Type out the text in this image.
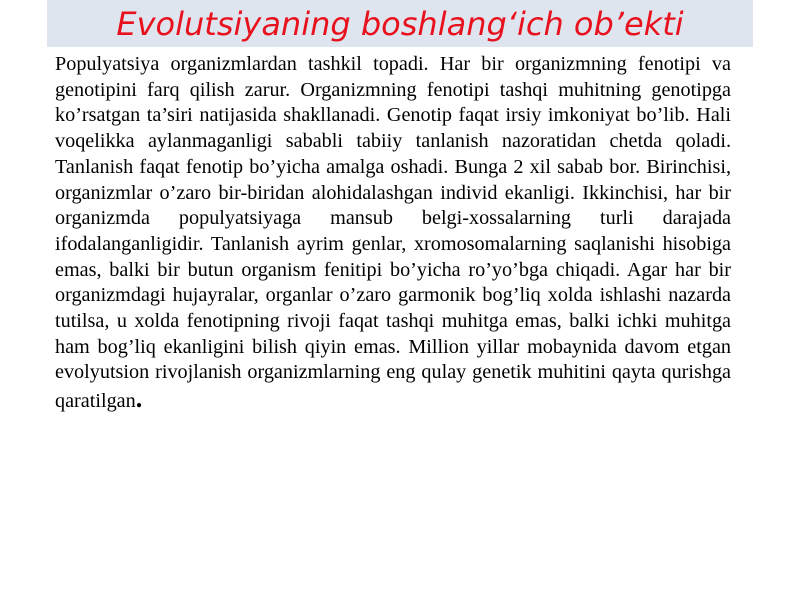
Evolutsiyaning boshlang‘ich ob’ekti

Populyatsiya organizmlardan tashkil topadi. Har bir organizmning fenotipi va genotipini farq qilish zarur. Organizmning fenotipi tashqi muhitning genotipga ko’rsatgan ta’siri natijasida shakllanadi. Genotip faqat irsiy imkoniyat bo’lib. Hali voqelikka aylanmaganligi sababli tabiiy tanlanish nazoratidan chetda qoladi. Tanlanish faqat fenotip bo’yicha amalga oshadi. Bunga 2 xil sabab bor. Birinchisi, organizmlar o’zaro bir-biridan alohidalashgan individ ekanligi. Ikkinchisi, har bir organizmda populyatsiyaga mansub belgi-xossalarning turli darajada ifodalanganligidir. Tanlanish ayrim genlar, xromosomalarning saqlanishi hisobiga emas, balki bir butun organism fenitipi bo’yicha ro’yo’bga chiqadi. Agar har bir organizmdagi hujayralar, organlar o’zaro garmonik bog’liq xolda ishlashi nazarda tutilsa, u xolda fenotipning rivoji faqat tashqi muhitga emas, balki ichki muhitga ham bog’liq ekanligini bilish qiyin emas. Million yillar mobaynida davom etgan evolyutsion rivojlanish organizmlarning eng qulay genetik muhitini qayta qurishga qaratilgan.
